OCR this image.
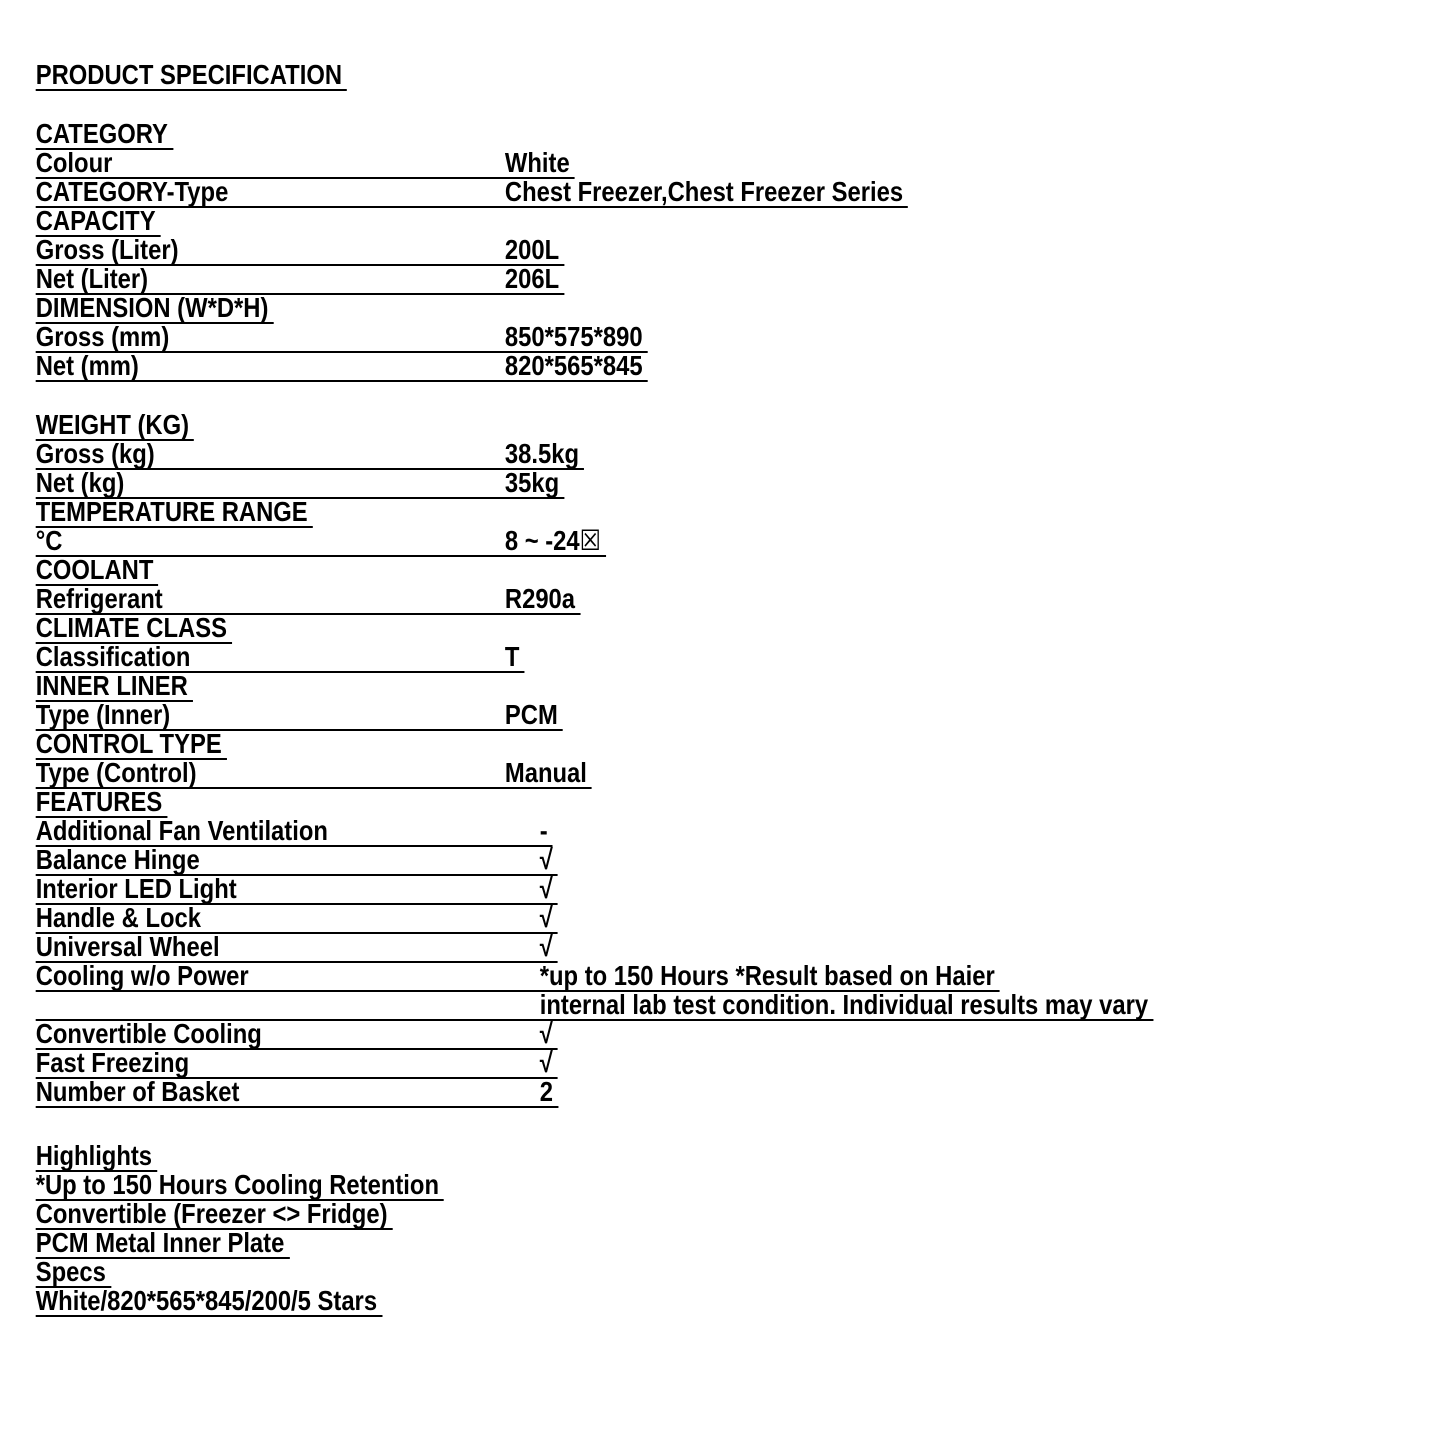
PRODUCT SPECIFICATION
CATEGORY
Colour	White
CATEGORY-Type	Chest Freezer,Chest Freezer Series
CAPACITY
Gross (Liter)	200L
Net (Liter)	206L
DIMENSION (W*D*H)
Gross (mm)	850*575*890
Net (mm)	820*565*845
WEIGHT (KG)
Gross (kg)	38.5kg
Net (kg)	35kg
TEMPERATURE RANGE
°C	8 ~ -24☒
COOLANT
Refrigerant	R290a
CLIMATE CLASS
Classification	T
INNER LINER
Type (Inner)	PCM
CONTROL TYPE
Type (Control)	Manual
FEATURES
Additional Fan Ventilation	-
Balance Hinge	√
Interior LED Light	√
Handle & Lock	√
Universal Wheel	√
Cooling w/o Power	*up to 150 Hours *Result based on Haier
internal lab test condition. Individual results may vary
Convertible Cooling	√
Fast Freezing	√
Number of Basket	2
Highlights
*Up to 150 Hours Cooling Retention
Convertible (Freezer <> Fridge)
PCM Metal Inner Plate
Specs
White/820*565*845/200/5 Stars
